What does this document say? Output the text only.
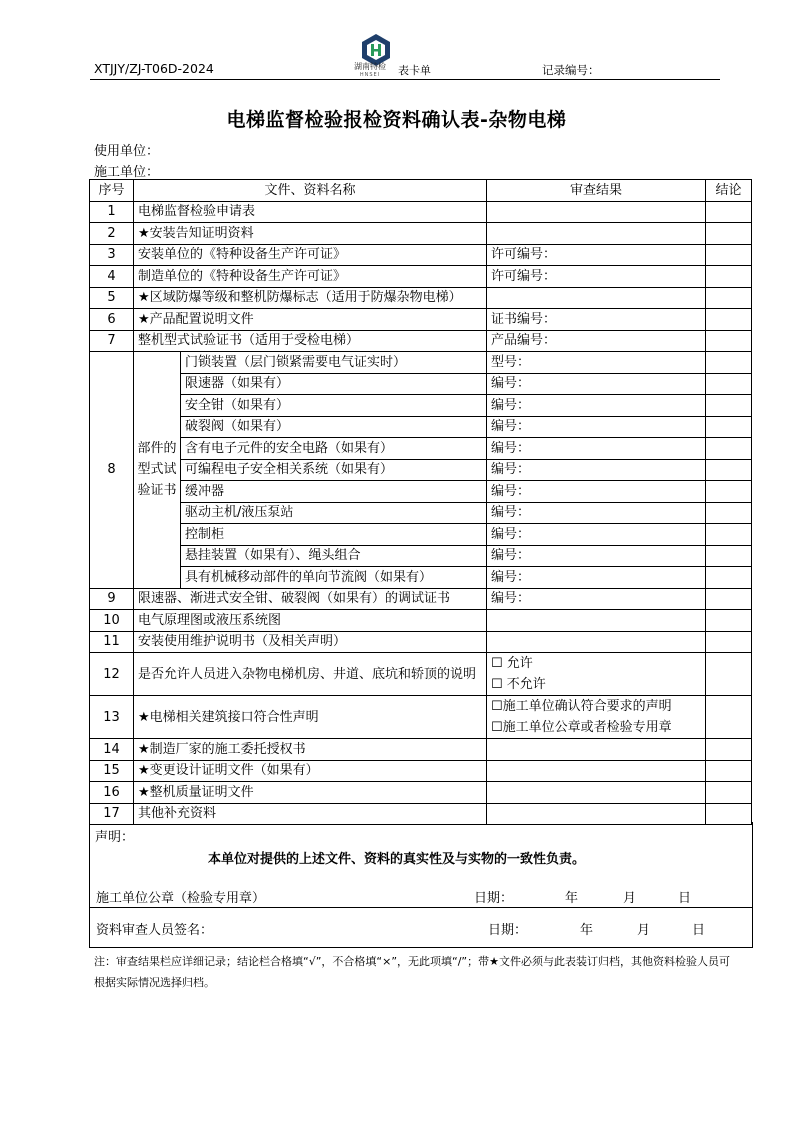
XTJJY/ZJ-T06D-2024	湖南特检
HNSEI	表卡单	记录编号：
电梯监督检验报检资料确认表-杂物电梯
使用单位：
施工单位：
序号	文件、资料名称		审查结果	结论
1	电梯监督检验申请表			
2	★安装告知证明资料			
3	安装单位的《特种设备生产许可证》		许可编号：	
4	制造单位的《特种设备生产许可证》		许可编号：	
5	★区域防爆等级和整机防爆标志（适用于防爆杂物电梯）			
6	★产品配置说明文件		证书编号：	
7	整机型式试验证书（适用于受检电梯）		产品编号：	
8	部件的型式试验证书	门锁装置（层门锁紧需要电气证实时）	型号：	
		限速器（如果有）	编号：	
		安全钳（如果有）	编号：	
		破裂阀（如果有）	编号：	
		含有电子元件的安全电路（如果有）	编号：	
		可编程电子安全相关系统（如果有）	编号：	
		缓冲器	编号：	
		驱动主机/液压泵站	编号：	
		控制柜	编号：	
		悬挂装置（如果有）、绳头组合	编号：	
		具有机械移动部件的单向节流阀（如果有）	编号：	
9	限速器、渐进式安全钳、破裂阀（如果有）的调试证书		编号：	
10	电气原理图或液压系统图			
11	安装使用维护说明书（及相关声明）			
12	是否允许人员进入杂物电梯机房、井道、底坑和轿顶的说明		☐ 允许
☐ 不允许	

13	★电梯相关建筑接口符合性声明		☐施工单位确认符合要求的声明
☐施工单位公章或者检验专用章	

14	★制造厂家的施工委托授权书			
15	★变更设计证明文件（如果有）			
16	★整机质量证明文件			
17	其他补充资料			
声明：
本单位对提供的上述文件、资料的真实性及与实物的一致性负责。
施工单位公章（检验专用章）	日期：	年	月	日
资料审查人员签名：	日期：	年	月	日
注：审查结果栏应详细记录；结论栏合格填“√”，不合格填“×”，无此项填“/”；带★文件必须与此表装订归档，其他资料检验人员可根据实际情况选择归档。
